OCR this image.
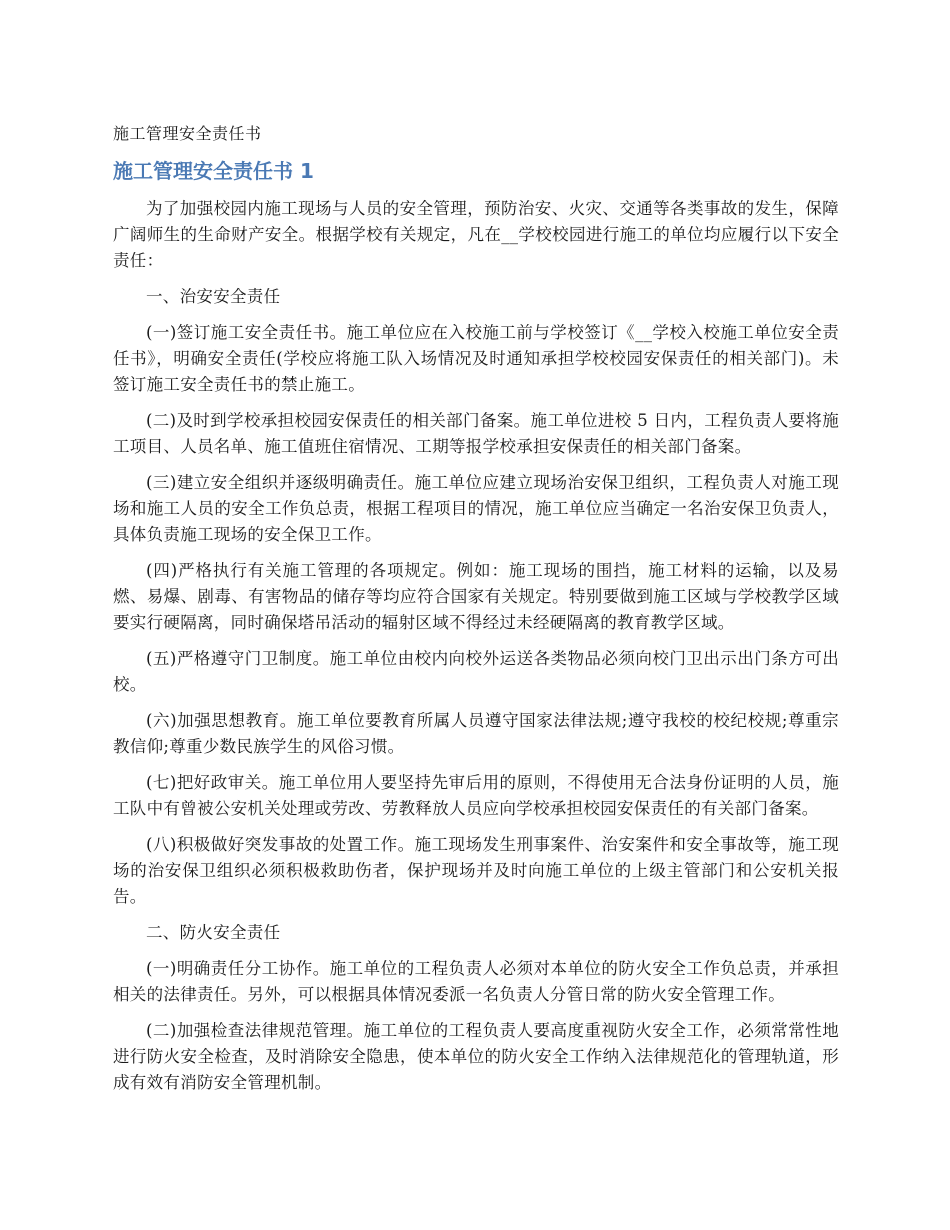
施工管理安全责任书
施工管理安全责任书 1

为了加强校园内施工现场与人员的安全管理，预防治安、火灾、交通等各类事故的发生，保障广阔师生的生命财产安全。根据学校有关规定，凡在__学校校园进行施工的单位均应履行以下安全责任：

一、治安安全责任

(一)签订施工安全责任书。施工单位应在入校施工前与学校签订《__学校入校施工单位安全责任书》，明确安全责任(学校应将施工队入场情况及时通知承担学校校园安保责任的相关部门)。未签订施工安全责任书的禁止施工。

(二)及时到学校承担校园安保责任的相关部门备案。施工单位进校 5 日内，工程负责人要将施工项目、人员名单、施工值班住宿情况、工期等报学校承担安保责任的相关部门备案。

(三)建立安全组织并逐级明确责任。施工单位应建立现场治安保卫组织，工程负责人对施工现场和施工人员的安全工作负总责，根据工程项目的情况，施工单位应当确定一名治安保卫负责人，具体负责施工现场的安全保卫工作。

(四)严格执行有关施工管理的各项规定。例如：施工现场的围挡，施工材料的运输，以及易燃、易爆、剧毒、有害物品的储存等均应符合国家有关规定。特别要做到施工区域与学校教学区域要实行硬隔离，同时确保塔吊活动的辐射区域不得经过未经硬隔离的教育教学区域。

(五)严格遵守门卫制度。施工单位由校内向校外运送各类物品必须向校门卫出示出门条方可出校。

(六)加强思想教育。施工单位要教育所属人员遵守国家法律法规;遵守我校的校纪校规;尊重宗教信仰;尊重少数民族学生的风俗习惯。

(七)把好政审关。施工单位用人要坚持先审后用的原则，不得使用无合法身份证明的人员，施工队中有曾被公安机关处理或劳改、劳教释放人员应向学校承担校园安保责任的有关部门备案。

(八)积极做好突发事故的处置工作。施工现场发生刑事案件、治安案件和安全事故等，施工现场的治安保卫组织必须积极救助伤者，保护现场并及时向施工单位的上级主管部门和公安机关报告。

二、防火安全责任

(一)明确责任分工协作。施工单位的工程负责人必须对本单位的防火安全工作负总责，并承担相关的法律责任。另外，可以根据具体情况委派一名负责人分管日常的防火安全管理工作。

(二)加强检查法律规范管理。施工单位的工程负责人要高度重视防火安全工作，必须常常性地进行防火安全检查，及时消除安全隐患，使本单位的防火安全工作纳入法律规范化的管理轨道，形成有效有消防安全管理机制。
